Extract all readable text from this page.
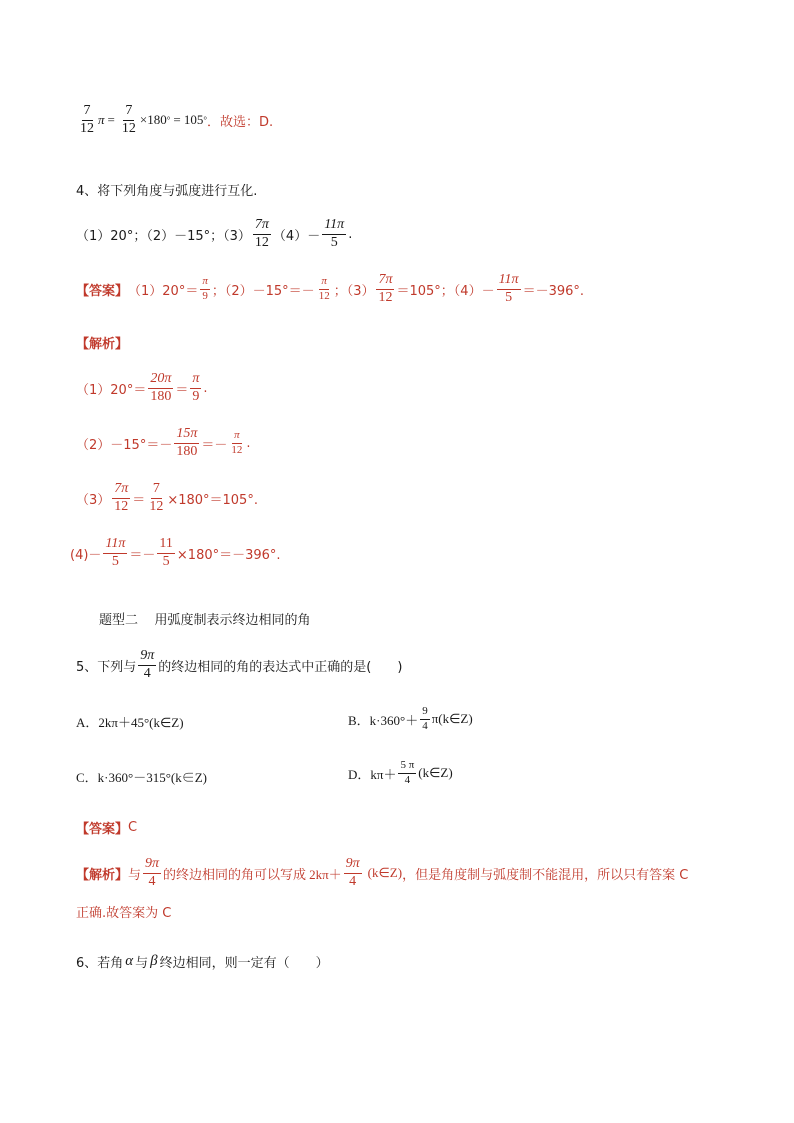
$\frac{7}{12}$ $\pi = \frac{7}{12} \times 180$ ° = 105 ° ．故选：D.
4、将下列角度与弧度进行互化.
（1）20°；（2）－15°；$(3) \frac{7\pi}{12} (4)- \frac{11\pi}{5}$ .
【答案】 $(1)20^\circ= \frac{\pi}{9}$ ；$(2)-15^\circ=- \frac{\pi}{12}$ ；$(3) \frac{7\pi}{12} =105^\circ$；$(4)- \frac{11\pi}{5} =-396^\circ$.
【解析】
$(1)20^\circ= \frac{20\pi}{180} = \frac{\pi}{9}$ .
$(2)-15^\circ=- \frac{15\pi}{180} =- \frac{\pi}{12}$ .
$(3) \frac{7\pi}{12} = \frac{7}{12} \times 180^\circ=105^\circ$.
$(4)- \frac{11\pi}{5} =- \frac{11}{5} \times 180^\circ=-396^\circ$.
题型二    用弧度制表示终边相同的角
5、下列与 $\frac{9\pi}{4}$ 的终边相同的角的表达式中正确的是(　　)
A．2kπ＋45°(k∈Z)	B．$k\cdot 360^\circ+ \frac{9}{4}$ π(k∈Z)
C．k·360°－315°(k∈Z)	D．$k\pi+ \frac{5 \pi}{4}$ (k∈Z)
【答案】 C
【解析】 与 $\frac{9\pi}{4}$ 的终边相同的角可以写成 $2k\pi+ \frac{9\pi}{4}$ (k∈Z) ，但是角度制与弧度制不能混用，所以只有答案 C
正确.故答案为 C
6、若角 α 与 β 终边相同，则一定有（　　）
